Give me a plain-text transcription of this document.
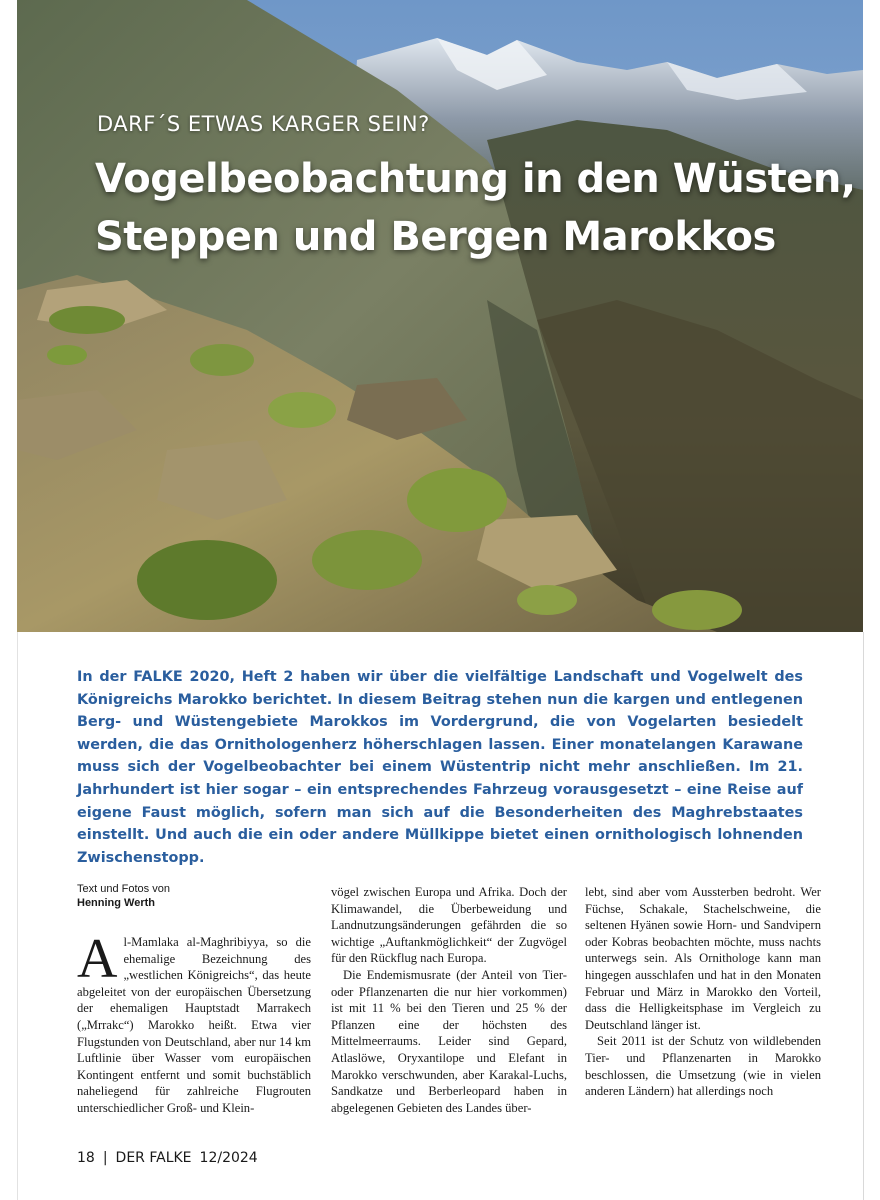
DARF´S ETWAS KARGER SEIN?
Vogelbeobachtung in den Wüsten,
Steppen und Bergen Marokkos
In der FALKE 2020, Heft 2 haben wir über die vielfältige Landschaft und Vogelwelt des Königreichs Marokko berichtet. In diesem Beitrag stehen nun die kargen und entlegenen Berg- und Wüstengebiete Marokkos im Vordergrund, die von Vogelarten besiedelt werden, die das Ornithologenherz höherschlagen lassen. Einer monatelangen Karawane muss sich der Vogelbeobachter bei einem Wüstentrip nicht mehr anschließen. Im 21. Jahrhundert ist hier sogar – ein entsprechendes Fahrzeug vorausgesetzt – eine Reise auf eigene Faust möglich, sofern man sich auf die Besonderheiten des Maghrebstaates einstellt. Und auch die ein oder andere Müllkippe bietet einen ornithologisch lohnenden Zwischenstopp.
Text und Fotos von
Henning Werth

Al-Mamlaka al-Maghribiyya, so die ehemalige Bezeichnung des „westlichen Königreichs“, das heute abgeleitet von der europäischen Übersetzung der ehemaligen Hauptstadt Marrakech („Mrrakc“) Marokko heißt. Etwa vier Flugstunden von Deutschland, aber nur 14 km Luftlinie über Wasser vom europäischen Kontingent entfernt und somit buchstäblich naheliegend für zahlreiche Flugrouten unterschiedlicher Groß- und Klein-

vögel zwischen Europa und Afrika. Doch der Klimawandel, die Überbeweidung und Landnutzungsänderungen gefährden die so wichtige „Auftankmöglichkeit“ der Zugvögel für den Rückflug nach Europa.

Die Endemismusrate (der Anteil von Tier- oder Pflanzenarten die nur hier vorkommen) ist mit 11 % bei den Tieren und 25 % der Pflanzen eine der höchsten des Mittelmeerraums. Leider sind Gepard, Atlaslöwe, Oryxantilope und Elefant in Marokko verschwunden, aber Karakal-Luchs, Sandkatze und Berberleopard haben in abgelegenen Gebieten des Landes über-

lebt, sind aber vom Aussterben bedroht. Wer Füchse, Schakale, Stachelschweine, die seltenen Hyänen sowie Horn- und Sandvipern oder Kobras beobachten möchte, muss nachts unterwegs sein. Als Ornithologe kann man hingegen ausschlafen und hat in den Monaten Februar und März in Marokko den Vorteil, dass die Helligkeitsphase im Vergleich zu Deutschland länger ist.

Seit 2011 ist der Schutz von wildlebenden Tier- und Pflanzenarten in Marokko beschlossen, die Umsetzung (wie in vielen anderen Ländern) hat allerdings noch

18 | DER FALKE 12/2024
